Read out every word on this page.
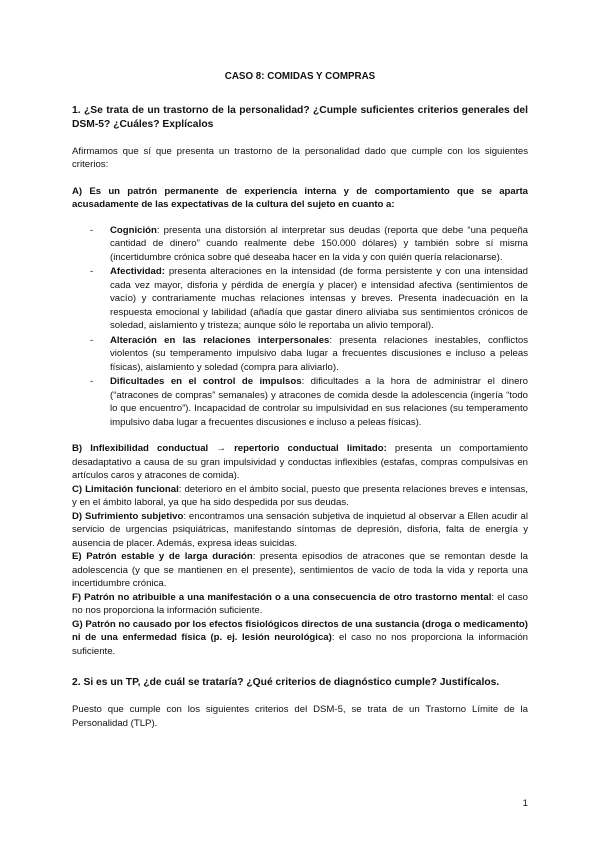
CASO 8: COMIDAS Y COMPRAS

1. ¿Se trata de un trastorno de la personalidad? ¿Cumple suficientes criterios generales del DSM-5? ¿Cuáles? Explícalos

Afirmamos que sí que presenta un trastorno de la personalidad dado que cumple con los siguientes criterios:

A) Es un patrón permanente de experiencia interna y de comportamiento que se aparta acusadamente de las expectativas de la cultura del sujeto en cuanto a:

- Cognición: presenta una distorsión al interpretar sus deudas (reporta que debe “una pequeña cantidad de dinero” cuando realmente debe 150.000 dólares) y también sobre sí misma (incertidumbre crónica sobre qué deseaba hacer en la vida y con quién quería relacionarse).
- Afectividad: presenta alteraciones en la intensidad (de forma persistente y con una intensidad cada vez mayor, disforia y pérdida de energía y placer) e intensidad afectiva (sentimientos de vacío) y contrariamente muchas relaciones intensas y breves. Presenta inadecuación en la respuesta emocional y labilidad (añadía que gastar dinero aliviaba sus sentimientos crónicos de soledad, aislamiento y tristeza; aunque sólo le reportaba un alivio temporal).
- Alteración en las relaciones interpersonales: presenta relaciones inestables, conflictos violentos (su temperamento impulsivo daba lugar a frecuentes discusiones e incluso a peleas físicas), aislamiento y soledad (compra para aliviarlo).
- Dificultades en el control de impulsos: dificultades a la hora de administrar el dinero (“atracones de compras” semanales) y atracones de comida desde la adolescencia (ingería “todo lo que encuentro”). Incapacidad de controlar su impulsividad en sus relaciones (su temperamento impulsivo daba lugar a frecuentes discusiones e incluso a peleas físicas).

B) Inflexibilidad conductual → repertorio conductual limitado: presenta un comportamiento desadaptativo a causa de su gran impulsividad y conductas inflexibles (estafas, compras compulsivas en artículos caros y atracones de comida).

C) Limitación funcional: deterioro en el ámbito social, puesto que presenta relaciones breves e intensas, y en el ámbito laboral, ya que ha sido despedida por sus deudas.

D) Sufrimiento subjetivo: encontramos una sensación subjetiva de inquietud al observar a Ellen acudir al servicio de urgencias psiquiátricas, manifestando síntomas de depresión, disforia, falta de energía y ausencia de placer. Además, expresa ideas suicidas.

E) Patrón estable y de larga duración: presenta episodios de atracones que se remontan desde la adolescencia (y que se mantienen en el presente), sentimientos de vacío de toda la vida y reporta una incertidumbre crónica.

F) Patrón no atribuible a una manifestación o a una consecuencia de otro trastorno mental: el caso no nos proporciona la información suficiente.

G) Patrón no causado por los efectos fisiológicos directos de una sustancia (droga o medicamento) ni de una enfermedad física (p. ej. lesión neurológica): el caso no nos proporciona la información suficiente.

2. Si es un TP, ¿de cuál se trataría? ¿Qué criterios de diagnóstico cumple? Justifícalos.

Puesto que cumple con los siguientes criterios del DSM-5, se trata de un Trastorno Límite de la Personalidad (TLP).

1
